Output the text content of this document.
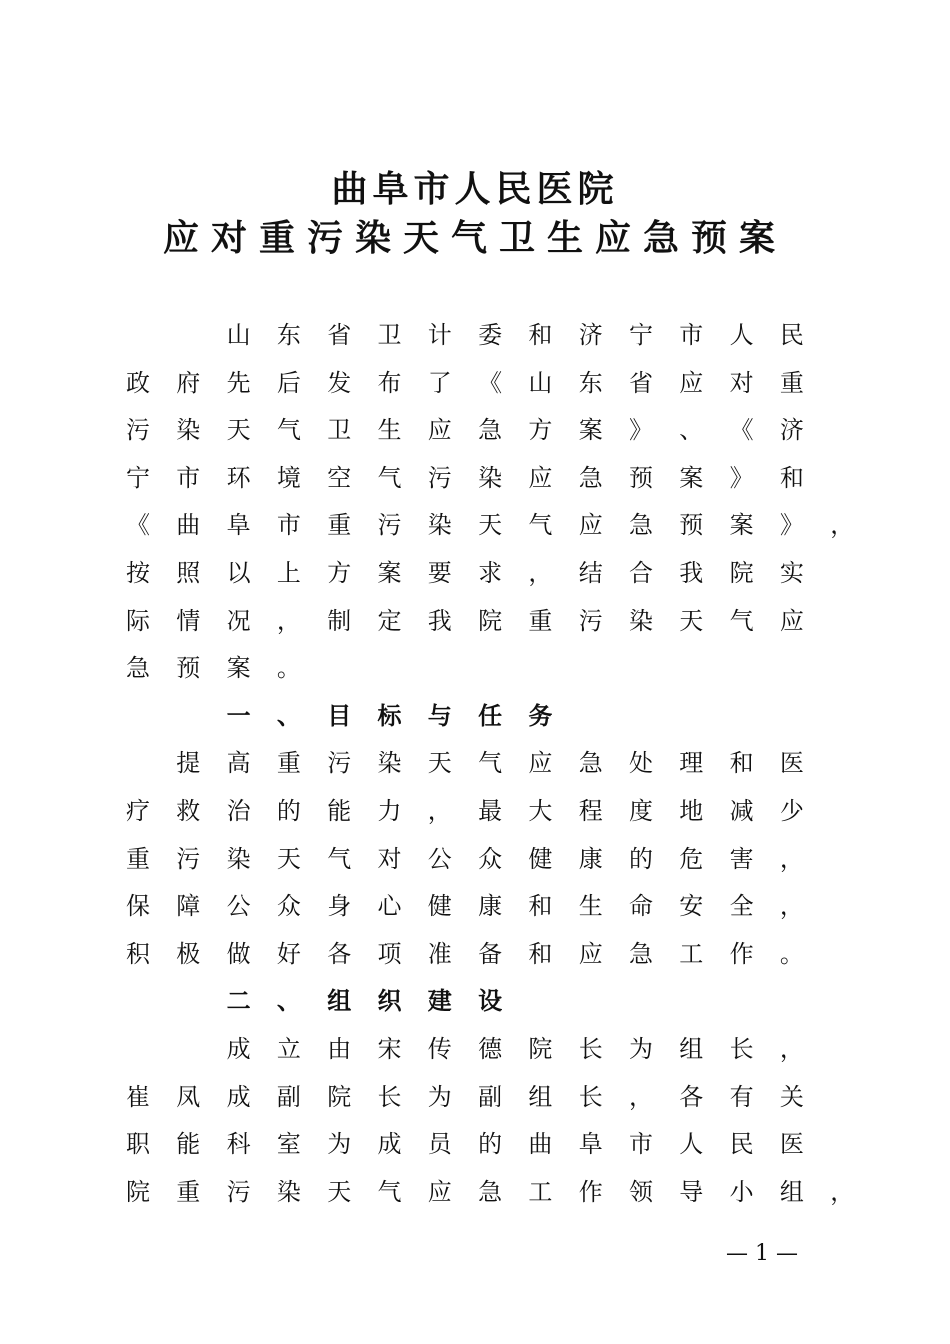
曲阜市人民医院
应对重污染天气卫生应急预案
山	东	省	卫	计	委	和	济	宁	市	人	民
政	府	先	后	发	布	了	《	山	东	省	应	对	重
污	染	天	气	卫	生	应	急	方	案	》	、	《	济
宁	市	环	境	空	气	污	染	应	急	预	案	》	和
《	曲	阜	市	重	污	染	天	气	应	急	预	案	》	，
按	照	以	上	方	案	要	求	，	结	合	我	院	实
际	情	况	，	制	定	我	院	重	污	染	天	气	应
急	预	案	。
一	、	目	标	与	任	务
提	高	重	污	染	天	气	应	急	处	理	和	医
疗	救	治	的	能	力	，	最	大	程	度	地	减	少
重	污	染	天	气	对	公	众	健	康	的	危	害	，
保	障	公	众	身	心	健	康	和	生	命	安	全	，
积	极	做	好	各	项	准	备	和	应	急	工	作	。
二	、	组	织	建	设
成	立	由	宋	传	德	院	长	为	组	长	，
崔	凤	成	副	院	长	为	副	组	长	，	各	有	关
职	能	科	室	为	成	员	的	曲	阜	市	人	民	医
院	重	污	染	天	气	应	急	工	作	领	导	小	组	，
— 1 —
